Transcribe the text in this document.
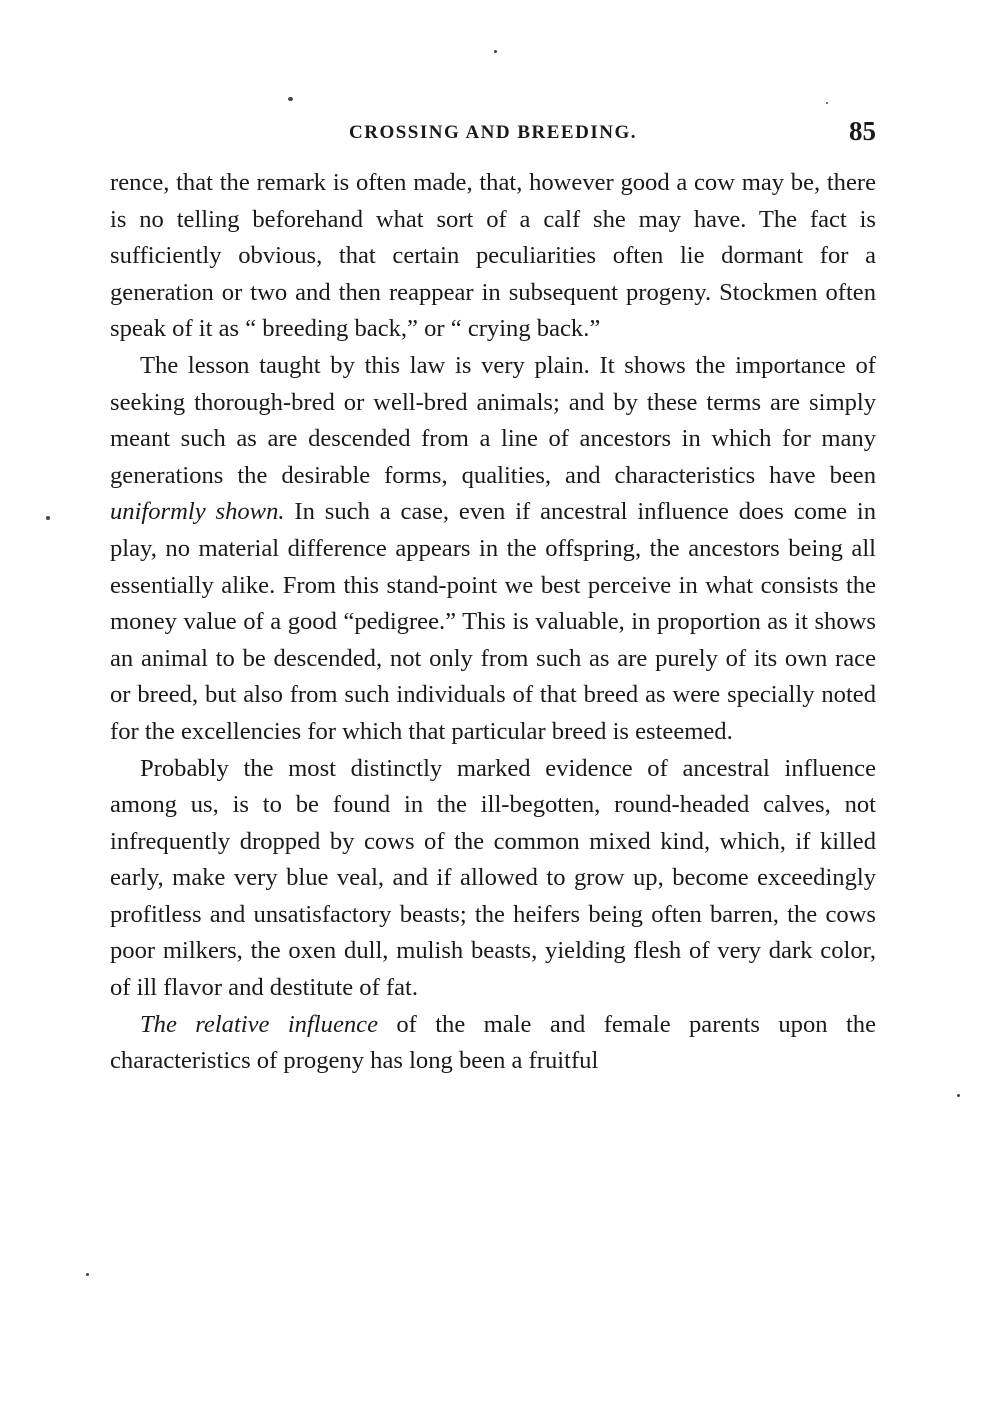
CROSSING AND BREEDING.	85

rence, that the remark is often made, that, however good a cow may be, there is no telling beforehand what sort of a calf she may have. The fact is sufficiently obvious, that certain peculiarities often lie dormant for a generation or two and then reappear in subsequent progeny. Stockmen often speak of it as “ breeding back,” or “ crying back.”

The lesson taught by this law is very plain. It shows the importance of seeking thorough-bred or well-bred animals; and by these terms are simply meant such as are descended from a line of ancestors in which for many generations the desirable forms, qualities, and characteristics have been uniformly shown. In such a case, even if ancestral influence does come in play, no material difference appears in the offspring, the ancestors being all essentially alike. From this stand-point we best perceive in what consists the money value of a good “pedigree.” This is valuable, in proportion as it shows an animal to be descended, not only from such as are purely of its own race or breed, but also from such individuals of that breed as were specially noted for the excellencies for which that particular breed is esteemed.

Probably the most distinctly marked evidence of ancestral influence among us, is to be found in the ill-begotten, round-headed calves, not infrequently dropped by cows of the common mixed kind, which, if killed early, make very blue veal, and if allowed to grow up, become exceedingly profitless and unsatisfactory beasts; the heifers being often barren, the cows poor milkers, the oxen dull, mulish beasts, yielding flesh of very dark color, of ill flavor and destitute of fat.

The relative influence of the male and female parents upon the characteristics of progeny has long been a fruitful
